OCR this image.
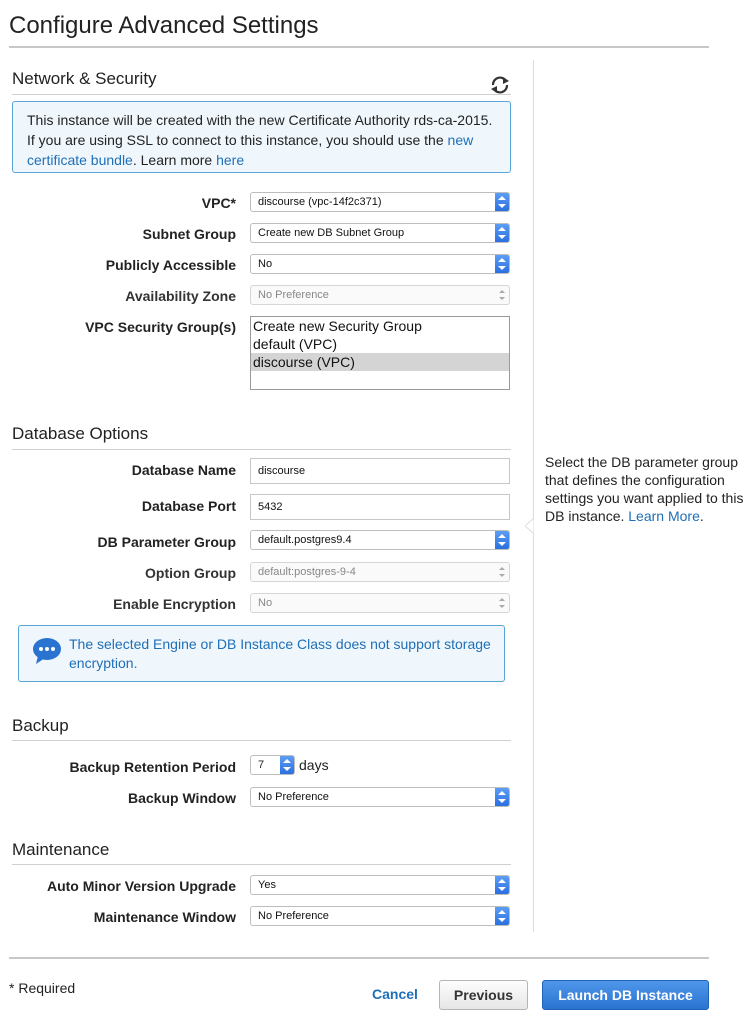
Configure Advanced Settings
Network & Security
This instance will be created with the new Certificate Authority rds-ca-2015. If you are using SSL to connect to this instance, you should use the new certificate bundle. Learn more here
VPC*	discourse (vpc-14f2c371)
Subnet Group	Create new DB Subnet Group
Publicly Accessible	No
Availability Zone	No Preference
VPC Security Group(s) Create new Security Group
default (VPC)
discourse (VPC)
Database Options
Database Name	discourse
Database Port	5432
DB Parameter Group	default.postgres9.4
Option Group	default:postgres-9-4
Enable Encryption	No
The selected Engine or DB Instance Class does not support storage encryption.
Select the DB parameter group that defines the configuration settings you want applied to this DB instance. Learn More.
Backup
Backup Retention Period	7	days
Backup Window	No Preference
Maintenance
Auto Minor Version Upgrade	Yes
Maintenance Window	No Preference
* Required	Cancel	Previous	Launch DB Instance
